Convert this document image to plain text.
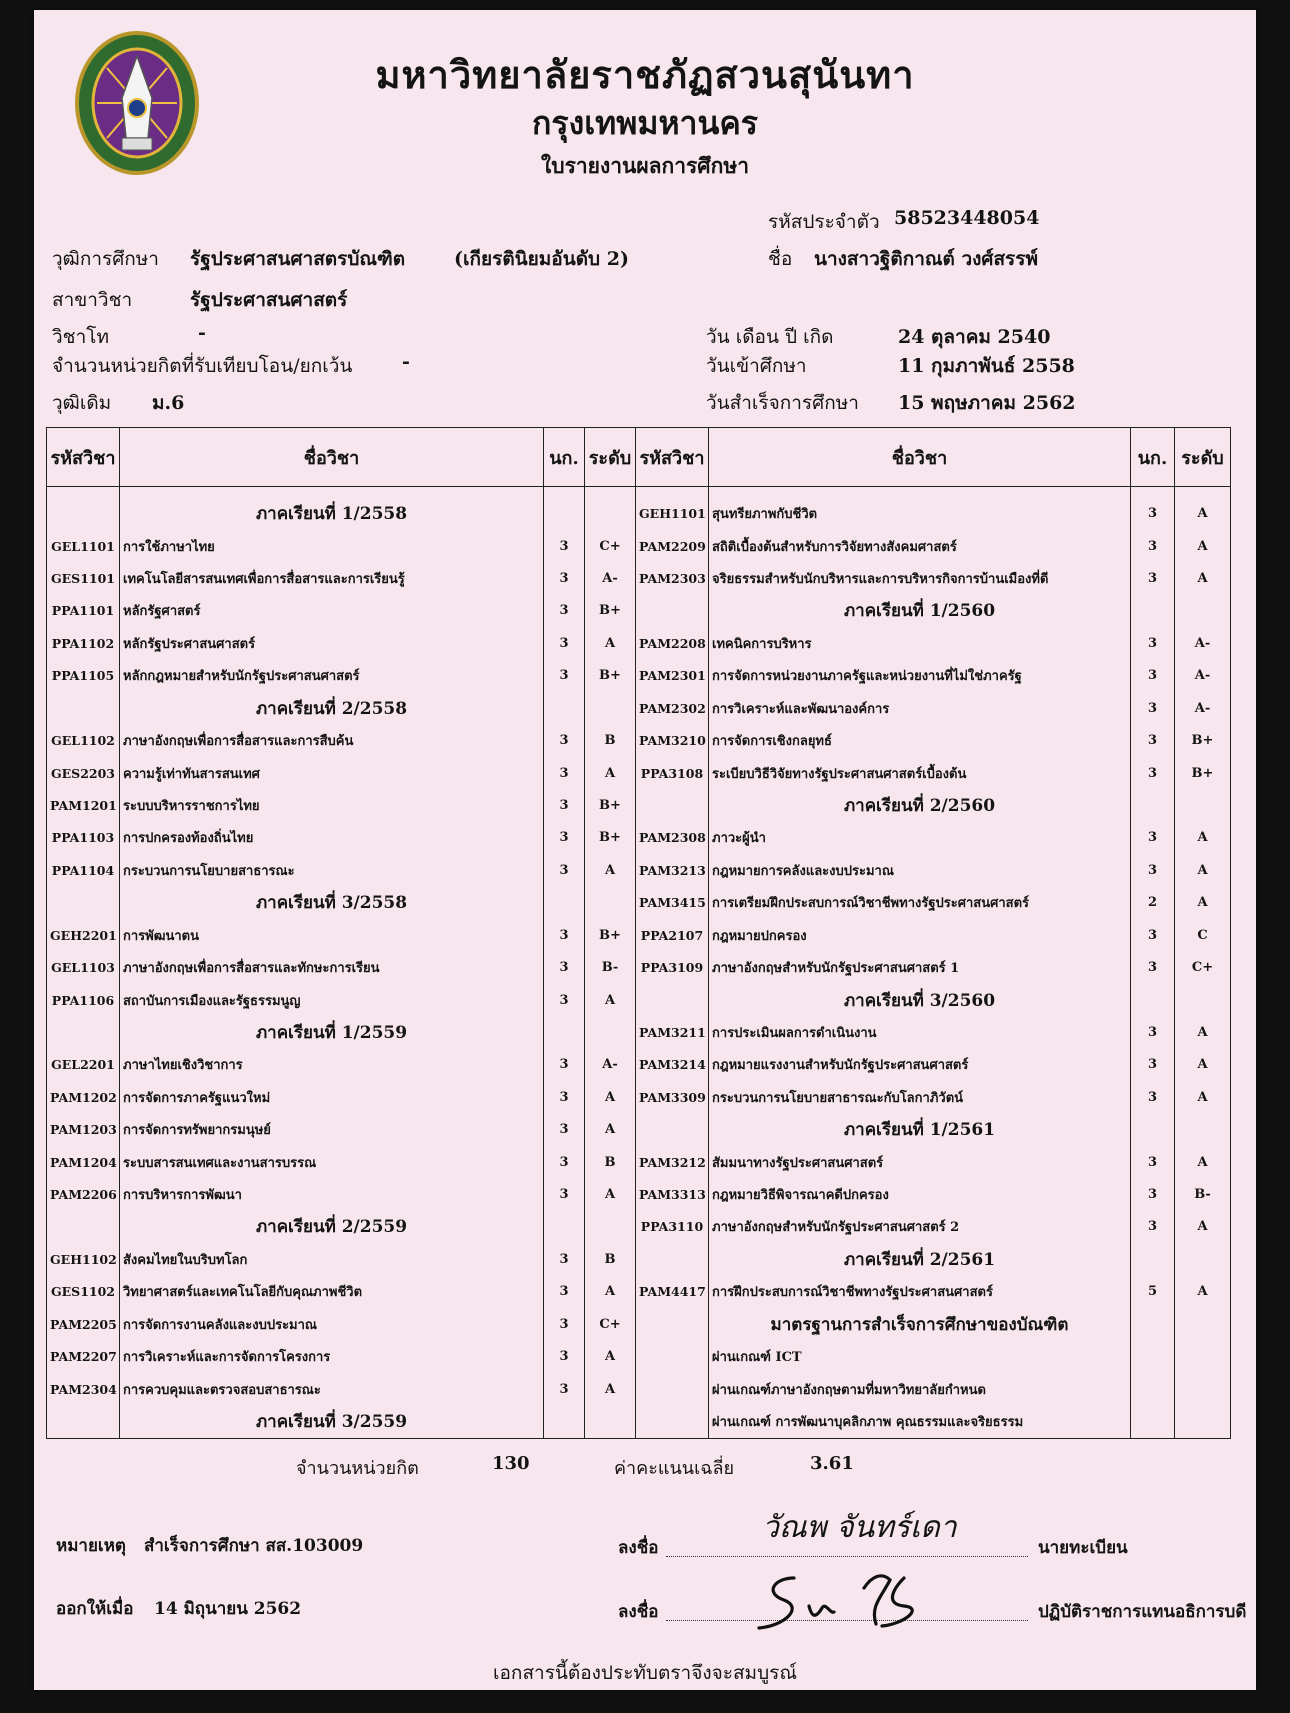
มหาวิทยาลัยราชภัฏสวนสุนันทา
กรุงเทพมหานคร
ใบรายงานผลการศึกษา
รหัสประจำตัว 58523448054
วุฒิการศึกษา รัฐประศาสนศาสตรบัณฑิต	(เกียรตินิยมอันดับ 2)	ชื่อ นางสาวฐิติกาณต์ วงศ์สรรพ์
สาขาวิชา	รัฐประศาสนศาสตร์
วิชาโท	-	วัน เดือน ปี เกิด	24 ตุลาคม 2540
จำนวนหน่วยกิตที่รับเทียบโอน/ยกเว้น	-	วันเข้าศึกษา	11 กุมภาพันธ์ 2558
วุฒิเดิม ม.6	วันสำเร็จการศึกษา 15 พฤษภาคม 2562
รหัสวิชา	ชื่อวิชา	นก.	ระดับ	รหัสวิชา	ชื่อวิชา	นก.	ระดับ
	ภาคเรียนที่ 1/2558			GEH1101	สุนทรียภาพกับชีวิต	3	A
GEL1101	การใช้ภาษาไทย	3	C+	PAM2209	สถิติเบื้องต้นสำหรับการวิจัยทางสังคมศาสตร์	3	A
GES1101	เทคโนโลยีสารสนเทศเพื่อการสื่อสารและการเรียนรู้	3	A-	PAM2303	จริยธรรมสำหรับนักบริหารและการบริหารกิจการบ้านเมืองที่ดี	3	A
PPA1101	หลักรัฐศาสตร์	3	B+		ภาคเรียนที่ 1/2560		
PPA1102	หลักรัฐประศาสนศาสตร์	3	A	PAM2208	เทคนิคการบริหาร	3	A-
PPA1105	หลักกฎหมายสำหรับนักรัฐประศาสนศาสตร์	3	B+	PAM2301	การจัดการหน่วยงานภาครัฐและหน่วยงานที่ไม่ใช่ภาครัฐ	3	A-
	ภาคเรียนที่ 2/2558			PAM2302	การวิเคราะห์และพัฒนาองค์การ	3	A-
GEL1102	ภาษาอังกฤษเพื่อการสื่อสารและการสืบค้น	3	B	PAM3210	การจัดการเชิงกลยุทธ์	3	B+
GES2203	ความรู้เท่าทันสารสนเทศ	3	A	PPA3108	ระเบียบวิธีวิจัยทางรัฐประศาสนศาสตร์เบื้องต้น	3	B+
PAM1201	ระบบบริหารราชการไทย	3	B+		ภาคเรียนที่ 2/2560		
PPA1103	การปกครองท้องถิ่นไทย	3	B+	PAM2308	ภาวะผู้นำ	3	A
PPA1104	กระบวนการนโยบายสาธารณะ	3	A	PAM3213	กฎหมายการคลังและงบประมาณ	3	A
	ภาคเรียนที่ 3/2558			PAM3415	การเตรียมฝึกประสบการณ์วิชาชีพทางรัฐประศาสนศาสตร์	2	A
GEH2201	การพัฒนาตน	3	B+	PPA2107	กฎหมายปกครอง	3	C
GEL1103	ภาษาอังกฤษเพื่อการสื่อสารและทักษะการเรียน	3	B-	PPA3109	ภาษาอังกฤษสำหรับนักรัฐประศาสนศาสตร์ 1	3	C+
PPA1106	สถาบันการเมืองและรัฐธรรมนูญ	3	A		ภาคเรียนที่ 3/2560		
	ภาคเรียนที่ 1/2559			PAM3211	การประเมินผลการดำเนินงาน	3	A
GEL2201	ภาษาไทยเชิงวิชาการ	3	A-	PAM3214	กฎหมายแรงงานสำหรับนักรัฐประศาสนศาสตร์	3	A
PAM1202	การจัดการภาครัฐแนวใหม่	3	A	PAM3309	กระบวนการนโยบายสาธารณะกับโลกาภิวัตน์	3	A
PAM1203	การจัดการทรัพยากรมนุษย์	3	A		ภาคเรียนที่ 1/2561		
PAM1204	ระบบสารสนเทศและงานสารบรรณ	3	B	PAM3212	สัมมนาทางรัฐประศาสนศาสตร์	3	A
PAM2206	การบริหารการพัฒนา	3	A	PAM3313	กฎหมายวิธีพิจารณาคดีปกครอง	3	B-
	ภาคเรียนที่ 2/2559			PPA3110	ภาษาอังกฤษสำหรับนักรัฐประศาสนศาสตร์ 2	3	A
GEH1102	สังคมไทยในบริบทโลก	3	B		ภาคเรียนที่ 2/2561		
GES1102	วิทยาศาสตร์และเทคโนโลยีกับคุณภาพชีวิต	3	A	PAM4417	การฝึกประสบการณ์วิชาชีพทางรัฐประศาสนศาสตร์	5	A
PAM2205	การจัดการงานคลังและงบประมาณ	3	C+		มาตรฐานการสำเร็จการศึกษาของบัณฑิต		
PAM2207	การวิเคราะห์และการจัดการโครงการ	3	A		ผ่านเกณฑ์ ICT		
PAM2304	การควบคุมและตรวจสอบสาธารณะ	3	A		ผ่านเกณฑ์ภาษาอังกฤษตามที่มหาวิทยาลัยกำหนด		
	ภาคเรียนที่ 3/2559				ผ่านเกณฑ์ การพัฒนาบุคลิกภาพ คุณธรรมและจริยธรรม		
จำนวนหน่วยกิต	130	ค่าคะแนนเฉลี่ย	3.61
หมายเหตุ สำเร็จการศึกษา สส.103009	ลงชื่อ
วัณพ จันทร์เดา
นายทะเบียน
ออกให้เมื่อ 14 มิถุนายน 2562	ลงชื่อ	ปฏิบัติราชการแทนอธิการบดี
เอกสารนี้ต้องประทับตราจึงจะสมบูรณ์
